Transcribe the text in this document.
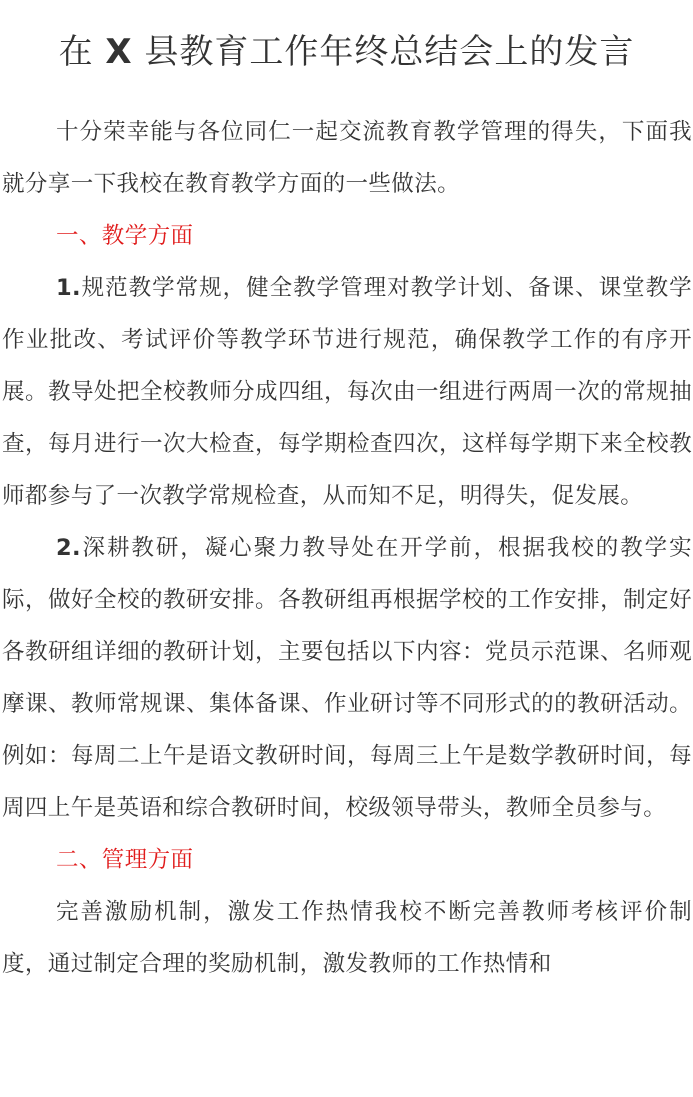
在 X 县教育工作年终总结会上的发言

十分荣幸能与各位同仁一起交流教育教学管理的得失，下面我就分享一下我校在教育教学方面的一些做法。

一、教学方面

1.规范教学常规，健全教学管理对教学计划、备课、课堂教学作业批改、考试评价等教学环节进行规范，确保教学工作的有序开展。教导处把全校教师分成四组，每次由一组进行两周一次的常规抽查，每月进行一次大检查，每学期检查四次，这样每学期下来全校教师都参与了一次教学常规检查，从而知不足，明得失，促发展。

2.深耕教研，凝心聚力教导处在开学前，根据我校的教学实际，做好全校的教研安排。各教研组再根据学校的工作安排，制定好各教研组详细的教研计划，主要包括以下内容：党员示范课、名师观摩课、教师常规课、集体备课、作业研讨等不同形式的的教研活动。例如：每周二上午是语文教研时间，每周三上午是数学教研时间，每周四上午是英语和综合教研时间，校级领导带头，教师全员参与。

二、管理方面

完善激励机制，激发工作热情我校不断完善教师考核评价制度，通过制定合理的奖励机制，激发教师的工作热情和
